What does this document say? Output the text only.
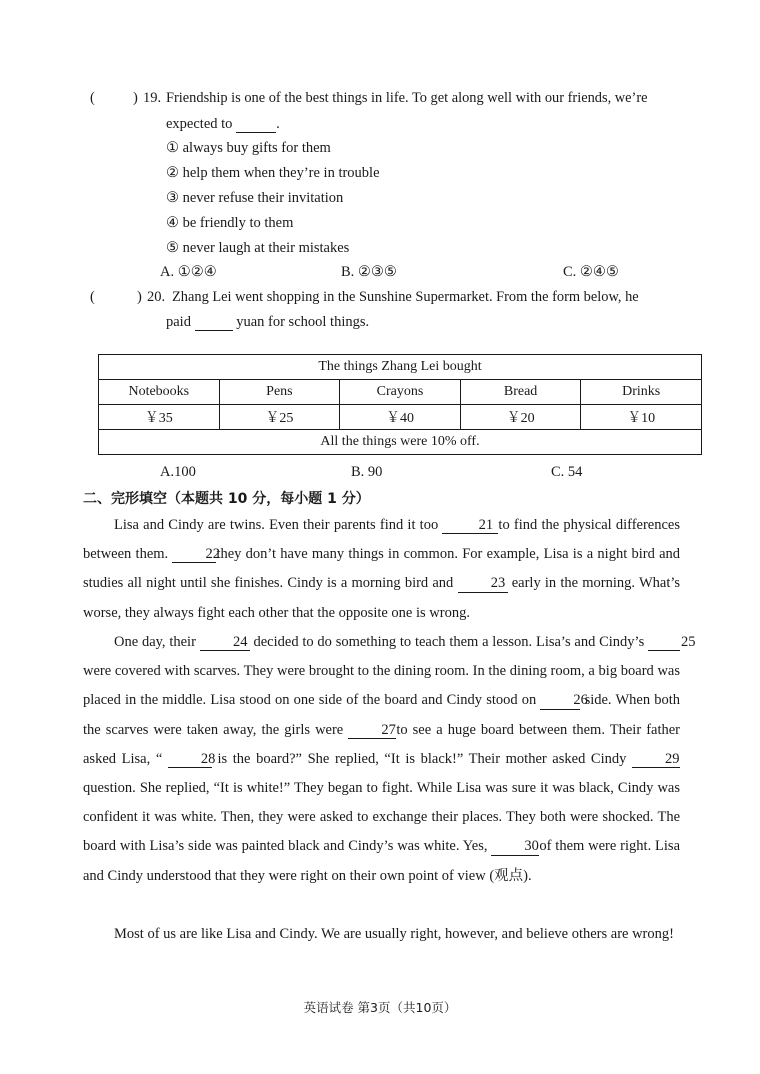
(	) 19. Friendship is one of the best things in life. To get along well with our friends, we’re
expected to	.
① always buy gifts for them
② help them when they’re in trouble
③ never refuse their invitation
④ be friendly to them
⑤ never laugh at their mistakes
A. ①②④	B. ②③⑤	C. ②④⑤
(	) 20. Zhang Lei went shopping in the Sunshine Supermarket. From the form below, he
paid	yuan for school things.
The things Zhang Lei bought				
Notebooks	Pens	Crayons	Bread	Drinks
￥35	￥25	￥40	￥20	￥10
All the things were 10% off.				
A.100	B. 90	C. 54
二、完形填空（本题共 10 分，每小题 1 分）
Lisa and Cindy are twins. Even their parents find it too	21 to find the physical differences between them.	22they don’t have many things in common. For example, Lisa is a night bird and studies all night until she finishes. Cindy is a morning bird and	23 early in the morning. What’s worse, they always fight each other that the opposite one is wrong.
One day, their	24 decided to do something to teach them a lesson. Lisa’s and Cindy’s	25were covered with scarves. They were brought to the dining room. In the dining room, a big board was placed in the middle. Lisa stood on one side of the board and Cindy stood on	26 side. When both the scarves were taken away, the girls were	27to see a huge board between them. Their father asked Lisa, “	28 is the board?” She replied, “It is black!” Their mother asked Cindy	29question. She replied, “It is white!” They began to fight. While Lisa was sure it was black, Cindy was confident it was white. Then, they were asked to exchange their places. They both were shocked. The board with Lisa’s side was painted black and Cindy’s was white. Yes,	30of them were right. Lisa and Cindy understood that they were right on their own point of view (观点).
Most of us are like Lisa and Cindy. We are usually right, however, and believe others are wrong!
英语试卷 第3页（共10页）
